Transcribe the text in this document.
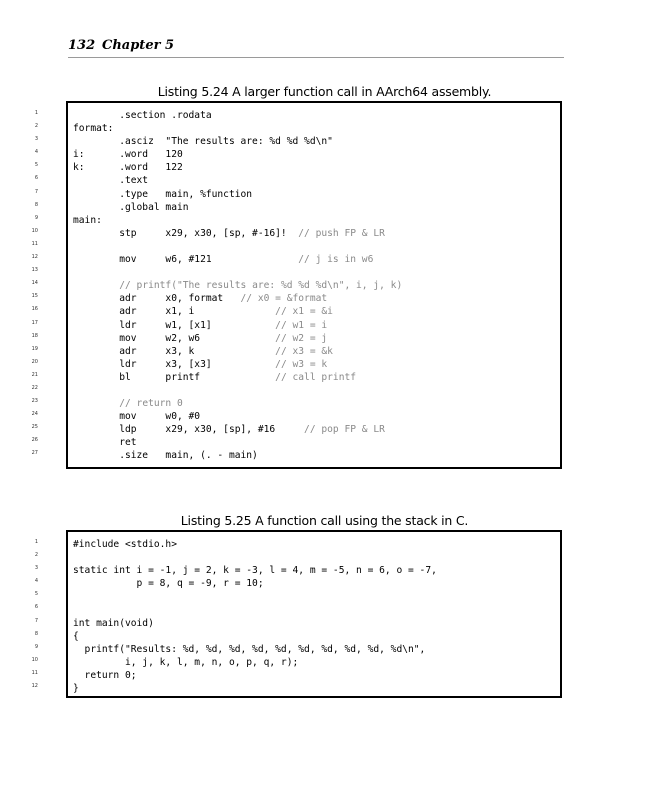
132 Chapter 5
Listing 5.24 A larger function call in AArch64 assembly.
.section .rodata
format:
.asciz  "The results are: %d %d %d\n"
i:      .word   120
k:      .word   122
.text
.type   main, %function
.global main
main:
stp     x29, x30, [sp, #-16]!  // push FP & LR
mov     w6, #121               // j is in w6
// printf("The results are: %d %d %d\n", i, j, k)
adr     x0, format   // x0 = &format
adr     x1, i              // x1 = &i
ldr     w1, [x1]           // w1 = i
mov     w2, w6             // w2 = j
adr     x3, k              // x3 = &k
ldr     x3, [x3]           // w3 = k
bl      printf             // call printf
// return 0
mov     w0, #0
ldp     x29, x30, [sp], #16     // pop FP & LR
ret
.size   main, (. - main)
1
2
3
4
5
6
7
8
9
10
11
12
13
14
15
16
17
18
19
20
21
22
23
24
25
26
27
Listing 5.25 A function call using the stack in C.
#include <stdio.h>
static int i = -1, j = 2, k = -3, l = 4, m = -5, n = 6, o = -7,
p = 8, q = -9, r = 10;
int main(void)
{
printf("Results: %d, %d, %d, %d, %d, %d, %d, %d, %d, %d\n",
i, j, k, l, m, n, o, p, q, r);
return 0;
}
1
2
3
4
5
6
7
8
9
10
11
12
